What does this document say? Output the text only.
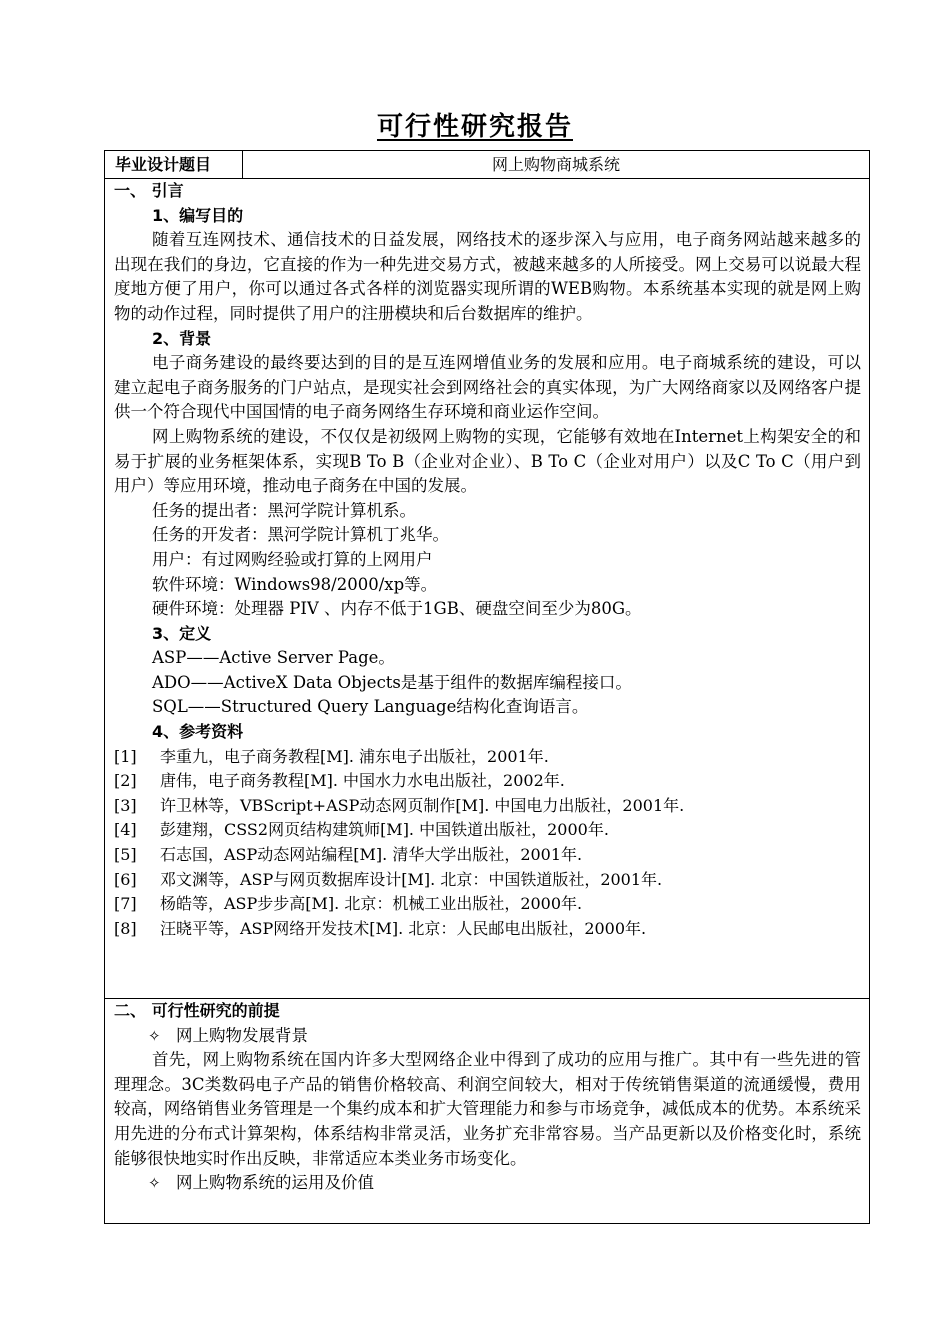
可行性研究报告
毕业设计题目	网上购物商城系统
一、 引言
1、编写目的
随着互连网技术、通信技术的日益发展，网络技术的逐步深入与应用，电子商务网站越来越多的出现在我们的身边，它直接的作为一种先进交易方式，被越来越多的人所接受。网上交易可以说最大程度地方便了用户，你可以通过各式各样的浏览器实现所谓的WEB购物。本系统基本实现的就是网上购物的动作过程，同时提供了用户的注册模块和后台数据库的维护。
2、背景
电子商务建设的最终要达到的目的是互连网增值业务的发展和应用。电子商城系统的建设，可以建立起电子商务服务的门户站点，是现实社会到网络社会的真实体现，为广大网络商家以及网络客户提供一个符合现代中国国情的电子商务网络生存环境和商业运作空间。
网上购物系统的建设，不仅仅是初级网上购物的实现，它能够有效地在Internet上构架安全的和易于扩展的业务框架体系，实现B To B（企业对企业）、B To C（企业对用户）以及C To C（用户到用户）等应用环境，推动电子商务在中国的发展。
任务的提出者：黑河学院计算机系。
任务的开发者：黑河学院计算机丁兆华。
用户：有过网购经验或打算的上网用户
软件环境：Windows98/2000/xp等。
硬件环境：处理器 PIV 、内存不低于1GB、硬盘空间至少为80G。
3、定义
ASP——Active Server Page。
ADO——ActiveX Data Objects是基于组件的数据库编程接口。
SQL——Structured Query Language结构化查询语言。
4、参考资料
[1] 李重九，电子商务教程[M]. 浦东电子出版社，2001年.
[2] 唐伟，电子商务教程[M]. 中国水力水电出版社，2002年.
[3] 许卫林等，VBScript+ASP动态网页制作[M]. 中国电力出版社，2001年.
[4] 彭建翔，CSS2网页结构建筑师[M]. 中国铁道出版社，2000年.
[5] 石志国，ASP动态网站编程[M]. 清华大学出版社，2001年.
[6] 邓文渊等，ASP与网页数据库设计[M]. 北京：中国铁道版社，2001年.
[7] 杨皓等，ASP步步高[M]. 北京：机械工业出版社，2000年.
[8] 汪晓平等，ASP网络开发技术[M]. 北京：人民邮电出版社，2000年.
二、 可行性研究的前提
✧ 网上购物发展背景
首先，网上购物系统在国内许多大型网络企业中得到了成功的应用与推广。其中有一些先进的管理理念。3C类数码电子产品的销售价格较高、利润空间较大，相对于传统销售渠道的流通缓慢，费用较高，网络销售业务管理是一个集约成本和扩大管理能力和参与市场竞争，减低成本的优势。本系统采用先进的分布式计算架构，体系结构非常灵活，业务扩充非常容易。当产品更新以及价格变化时，系统能够很快地实时作出反映，非常适应本类业务市场变化。
✧ 网上购物系统的运用及价值
